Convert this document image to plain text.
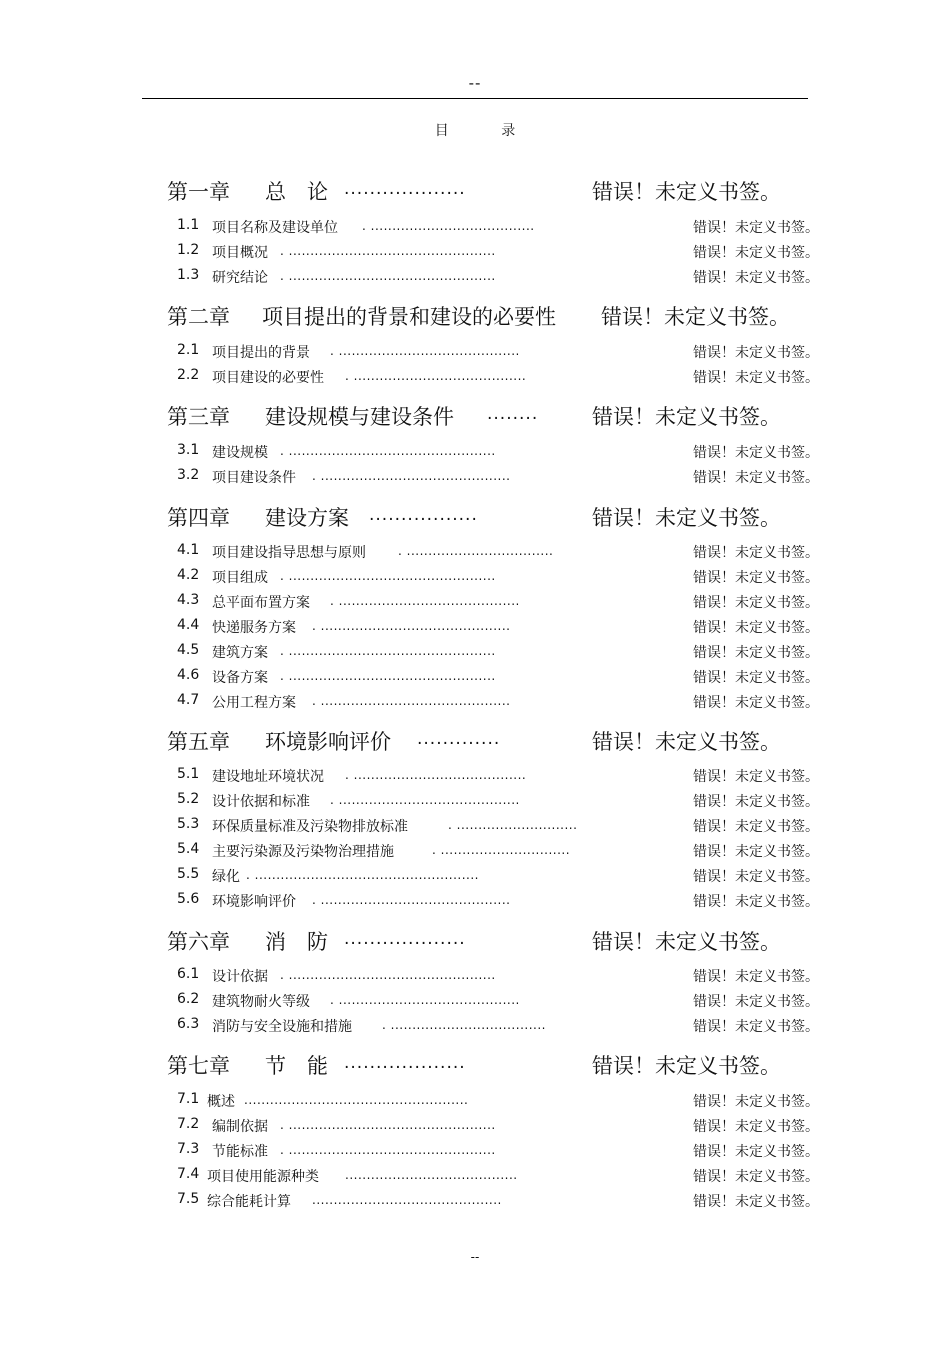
--
目 录
第一章 总　论 ...................	错误！未定义书签。
1.1 项目名称及建设单位 . ......................................	错误！未定义书签。
1.2 项目概况 . ................................................	错误！未定义书签。
1.3 研究结论 . ................................................	错误！未定义书签。
第二章 项目提出的背景和建设的必要性 错误！未定义书签。
2.1 项目提出的背景 . ..........................................	错误！未定义书签。
2.2 项目建设的必要性 . ........................................	错误！未定义书签。
第三章 建设规模与建设条件 ........	错误！未定义书签。
3.1 建设规模 . ................................................	错误！未定义书签。
3.2 项目建设条件 . ............................................	错误！未定义书签。
第四章 建设方案 .................	错误！未定义书签。
4.1 项目建设指导思想与原则	. ..................................	错误！未定义书签。
4.2 项目组成 . ................................................	错误！未定义书签。
4.3 总平面布置方案 . ..........................................	错误！未定义书签。
4.4 快递服务方案 . ............................................	错误！未定义书签。
4.5 建筑方案 . ................................................	错误！未定义书签。
4.6 设备方案 . ................................................	错误！未定义书签。
4.7 公用工程方案 . ............................................	错误！未定义书签。
第五章 环境影响评价 .............	错误！未定义书签。
5.1 建设地址环境状况 . ........................................	错误！未定义书签。
5.2 设计依据和标准 . ..........................................	错误！未定义书签。
5.3 环保质量标准及污染物排放标准	. ............................	错误！未定义书签。
5.4 主要污染源及污染物治理措施	. ..............................	错误！未定义书签。
5.5 绿化 . ....................................................	错误！未定义书签。
5.6 环境影响评价 . ............................................	错误！未定义书签。
第六章 消　防 ...................	错误！未定义书签。
6.1 设计依据 . ................................................	错误！未定义书签。
6.2 建筑物耐火等级 . ..........................................	错误！未定义书签。
6.3 消防与安全设施和措施	. ....................................	错误！未定义书签。
第七章 节　能 ...................	错误！未定义书签。
7.1 概述 ....................................................	错误！未定义书签。
7.2 编制依据 . ................................................	错误！未定义书签。
7.3 节能标准 . ................................................	错误！未定义书签。
7.4 项目使用能源种类 ........................................	错误！未定义书签。
7.5 综合能耗计算 ............................................	错误！未定义书签。
--
